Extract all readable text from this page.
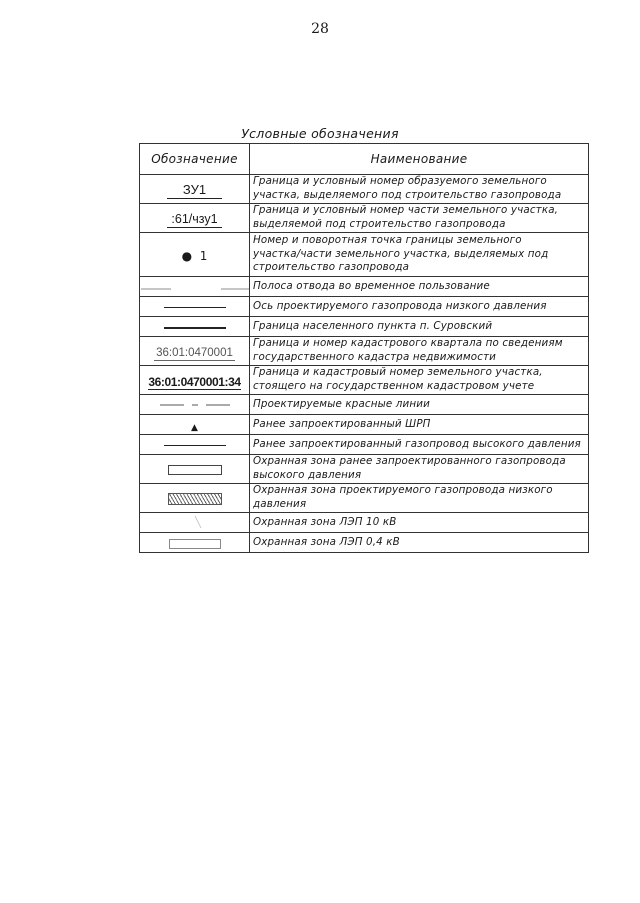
28
Условные обозначения
Обозначение	Наименование
ЗУ1	Граница и условный номер образуемого земельного
участка, выделяемого под строительство газопровода
:61/чзу1	Граница и условный номер части земельного участка,
выделяемой под строительство газопровода
●  1	Номер и поворотная точка границы земельного
участка/части земельного участка, выделяемых под
строительство газопровода
	Полоса отвода во временное пользование
	Ось проектируемого газопровода низкого давления
	Граница населенного пункта п. Суровский
36:01:0470001	Граница и номер кадастрового квартала по сведениям
государственного кадастра недвижимости
36:01:0470001:34	Граница и кадастровый номер земельного участка,
стоящего на государственном кадастровом учете
	Проектируемые красные линии
▲	Ранее запроектированный ШРП
	Ранее запроектированный газопровод высокого давления
	Охранная зона ранее запроектированного газопровода
высокого давления
	Охранная зона проектируемого газопровода низкого
давления
	Охранная зона ЛЭП 10 кВ
	Охранная зона ЛЭП 0,4 кВ
